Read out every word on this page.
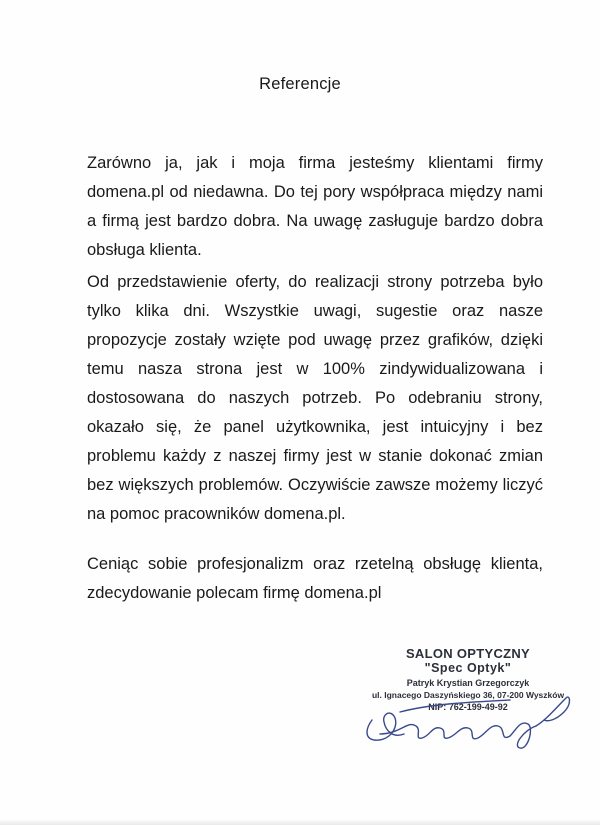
Referencje

Zarówno ja, jak i moja firma jesteśmy klientami firmy domena.pl od niedawna. Do tej pory współpraca między nami a firmą jest bardzo dobra. Na uwagę zasługuje bardzo dobra obsługa klienta.

Od przedstawienie oferty, do realizacji strony potrzeba było tylko klika dni. Wszystkie uwagi, sugestie oraz nasze propozycje zostały wzięte pod uwagę przez grafików, dzięki temu nasza strona jest w 100% zindywidualizowana i dostosowana do naszych potrzeb. Po odebraniu strony, okazało się, że panel użytkownika, jest intuicyjny i bez problemu każdy z naszej firmy jest w stanie dokonać zmian bez większych problemów. Oczywiście zawsze możemy liczyć na pomoc pracowników domena.pl.

Ceniąc sobie profesjonalizm oraz rzetelną obsługę klienta, zdecydowanie polecam firmę domena.pl

SALON OPTYCZNY
"Spec Optyk"
Patryk Krystian Grzegorczyk
ul. Ignacego Daszyńskiego 36, 07-200 Wyszków
NIP: 762-199-49-92
